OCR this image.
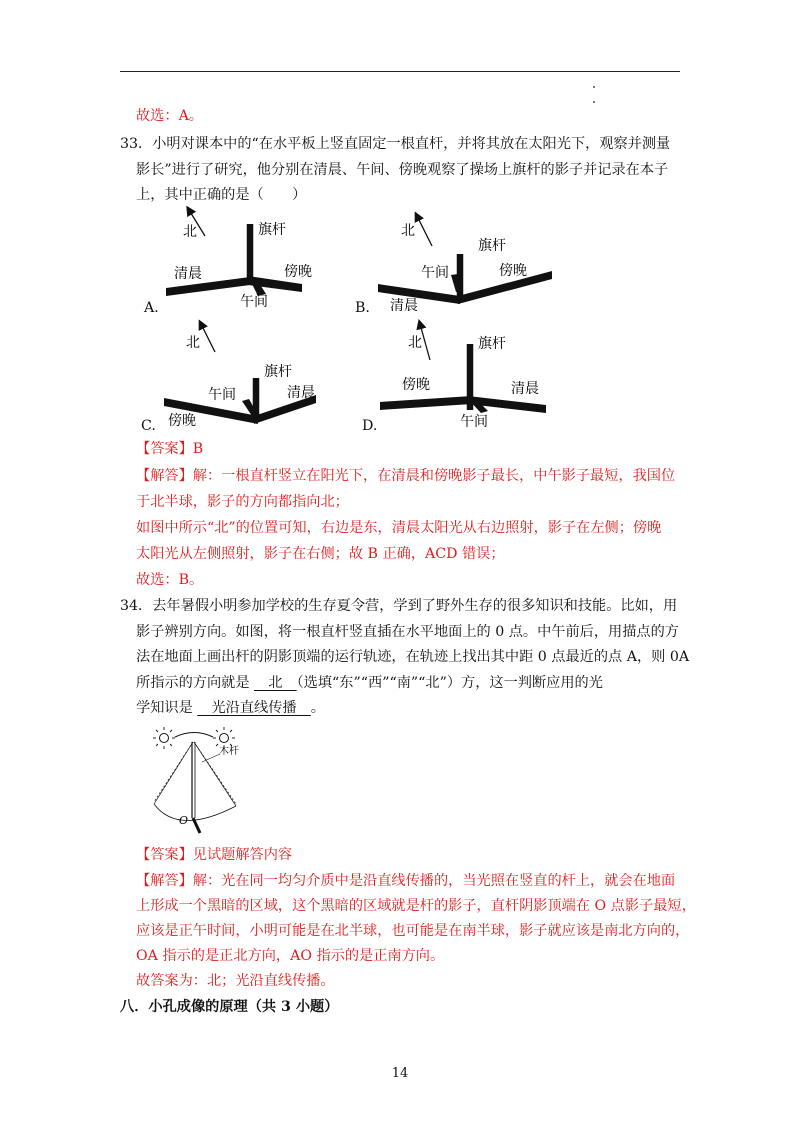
故选：A。
33．小明对课本中的“在水平板上竖直固定一根直杆，并将其放在太阳光下，观察并测量
影长”进行了研究，他分别在清晨、午间、傍晚观察了操场上旗杆的影子并记录在本子
上，其中正确的是（　　）
北	旗杆
清晨	傍晚
午间
北
旗杆
午间	傍晚
清晨
北
旗杆
午间	清晨
傍晚
北	旗杆
傍晚	清晨
午间
A.	B.
C.	D.
【答案】B
【解答】解：一根直杆竖立在阳光下，在清晨和傍晚影子最长，中午影子最短，我国位
于北半球，影子的方向都指向北；
如图中所示“北”的位置可知，右边是东，清晨太阳光从右边照射，影子在左侧；傍晚
太阳光从左侧照射，影子在右侧；故 B 正确，ACD 错误；
故选：B。
34．去年暑假小明参加学校的生存夏令营，学到了野外生存的很多知识和技能。比如，用
影子辨别方向。如图，将一根直杆竖直插在水平地面上的 0 点。中午前后，用描点的方
法在地面上画出杆的阴影顶端的运行轨迹，在轨迹上找出其中距 0 点最近的点 A，则 0A
所指示的方向就是 　北　（选填“东”“西”“南”“北”）方，这一判断应用的光
学知识是 　光沿直线传播　。
木杆
O
【答案】见试题解答内容
【解答】解：光在同一均匀介质中是沿直线传播的，当光照在竖直的杆上，就会在地面
上形成一个黑暗的区域，这个黑暗的区域就是杆的影子，直杆阴影顶端在 O 点影子最短，
应该是正午时间，小明可能是在北半球，也可能是在南半球，影子就应该是南北方向的，
OA 指示的是正北方向，AO 指示的是正南方向。
故答案为：北；光沿直线传播。
八．小孔成像的原理（共 3 小题）
14
